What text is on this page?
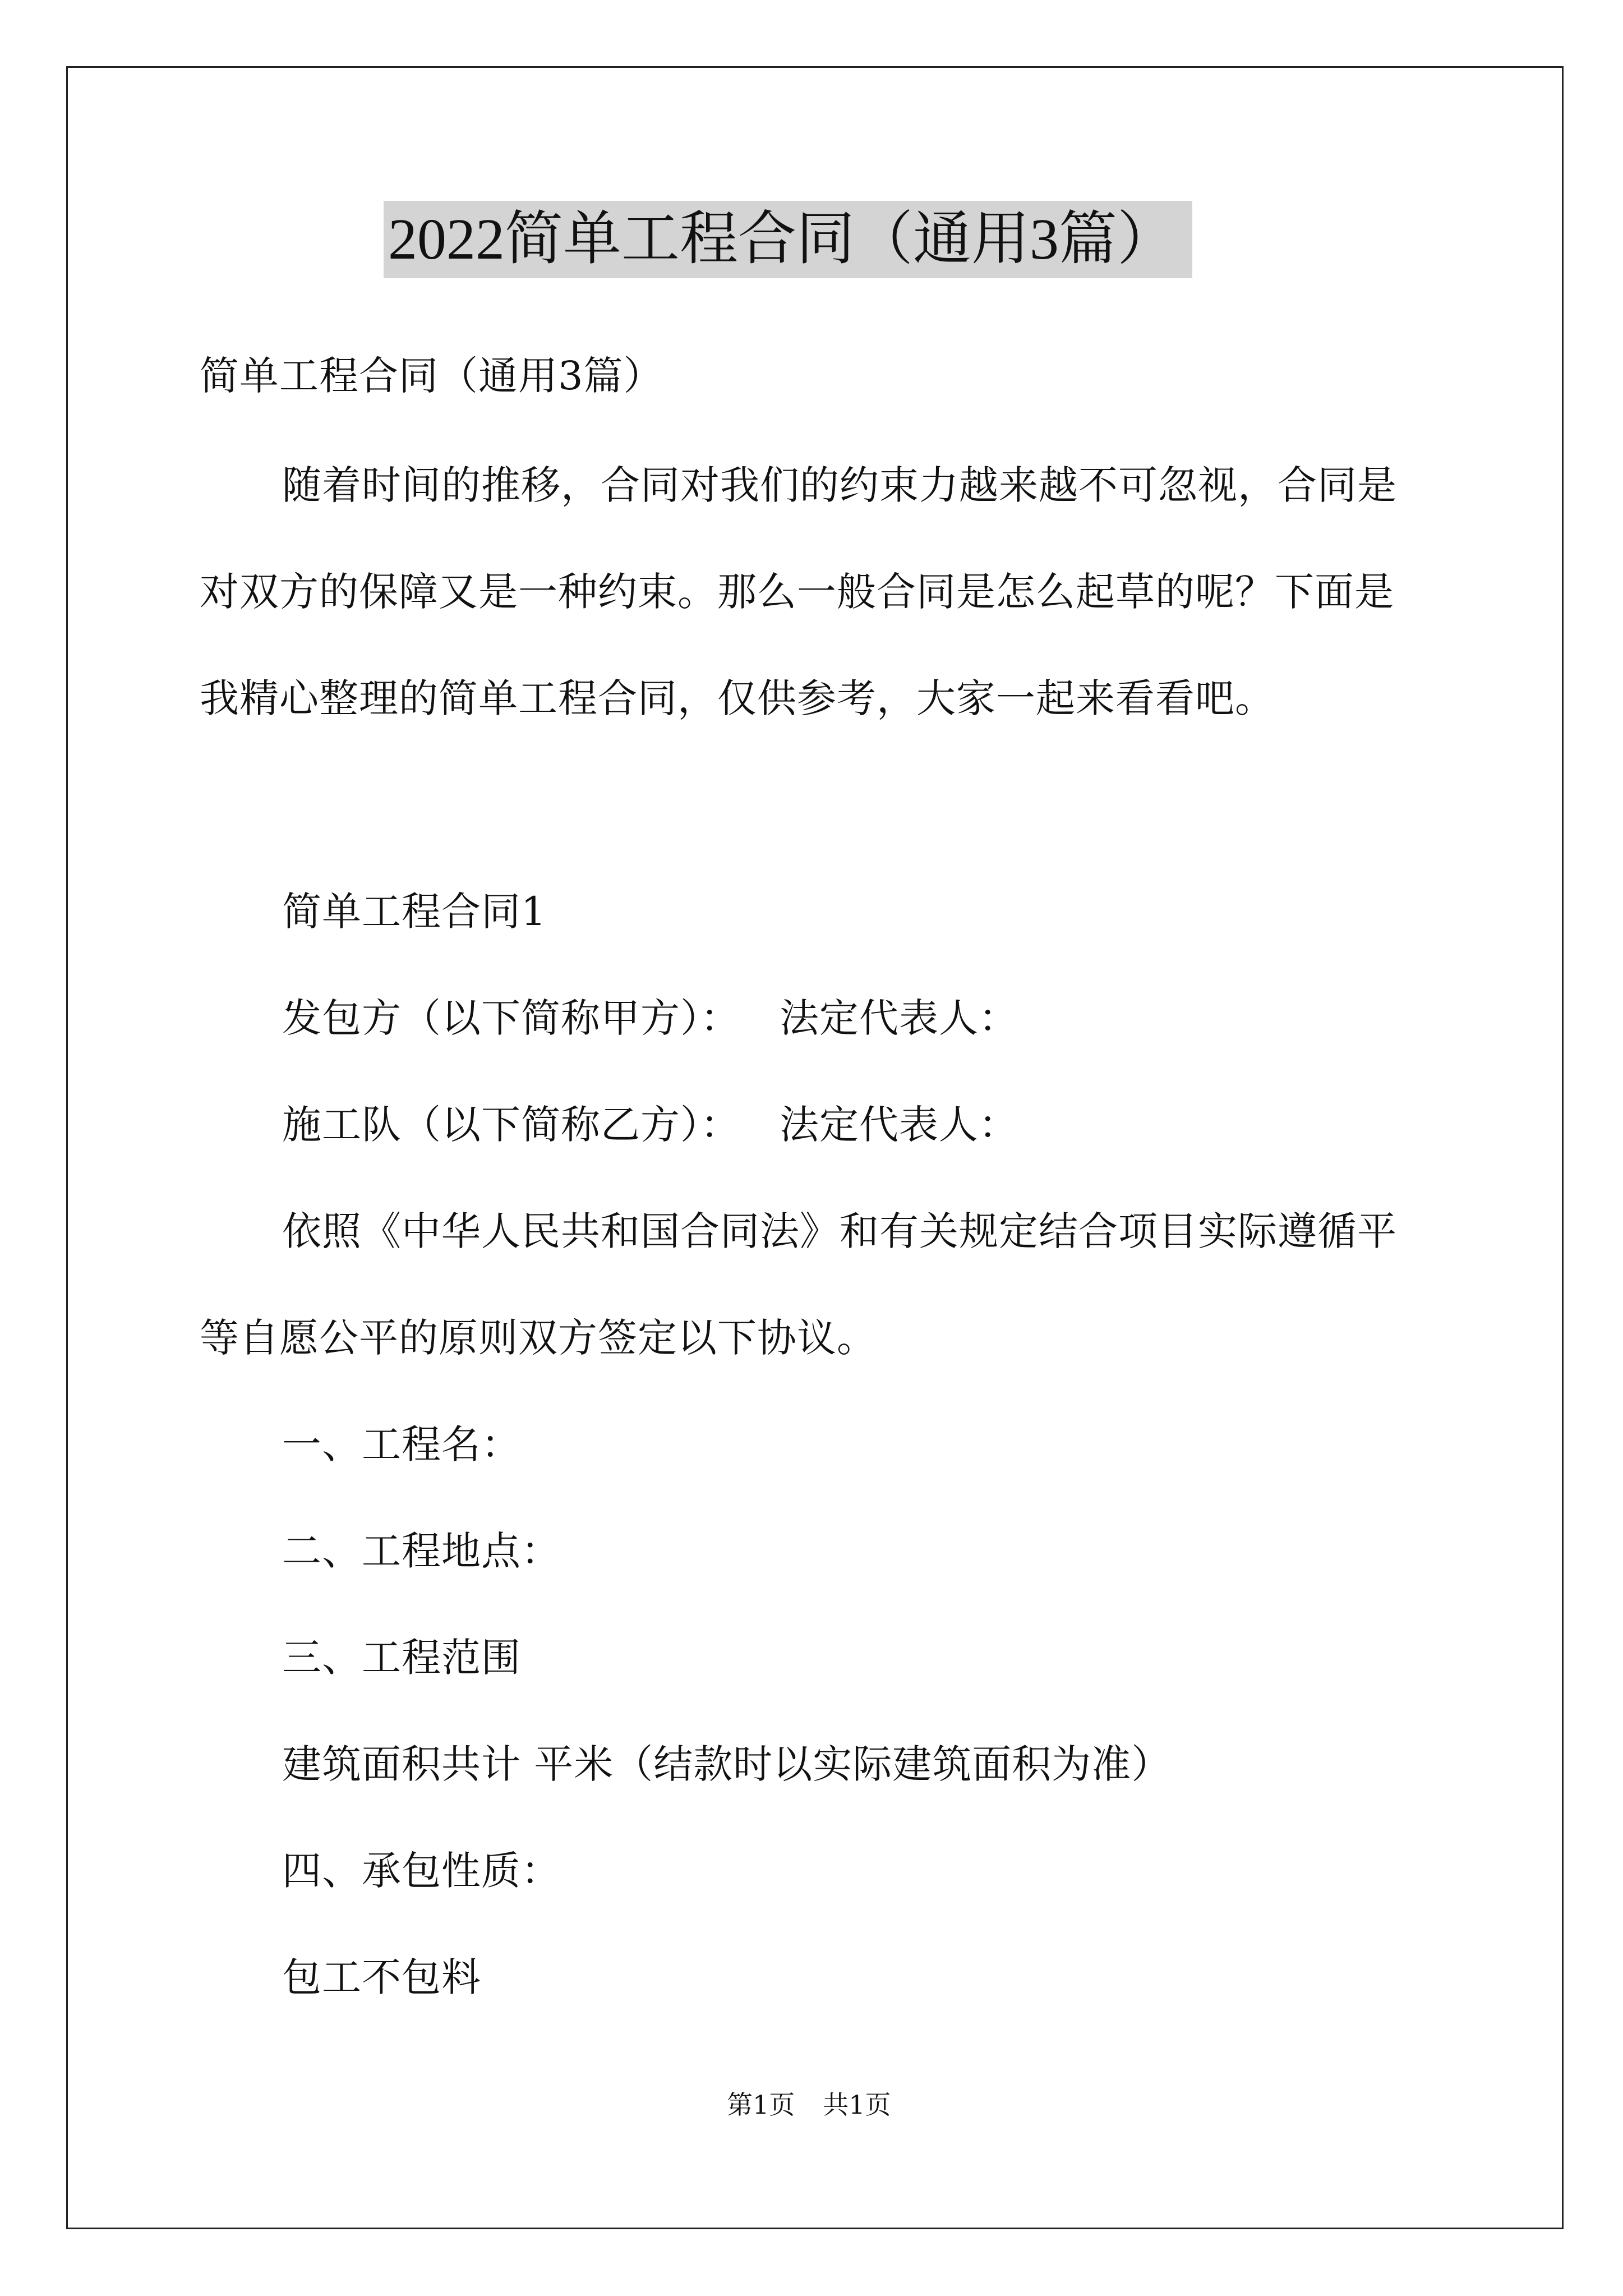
2022简单工程合同（通用3篇）
简单工程合同（通用3篇）
随着时间的推移，合同对我们的约束力越来越不可忽视，合同是
对双方的保障又是一种约束。那么一般合同是怎么起草的呢？下面是
我精心整理的简单工程合同，仅供参考，大家一起来看看吧。
简单工程合同1
发包方（以下简称甲方）： 法定代表人：
施工队（以下简称乙方）： 法定代表人：
依照《中华人民共和国合同法》和有关规定结合项目实际遵循平
等自愿公平的原则双方签定以下协议。
一、工程名：
二、工程地点：
三、工程范围
建筑面积共计 平米（结款时以实际建筑面积为准）
四、承包性质：
包工不包料
第1页 共1页
